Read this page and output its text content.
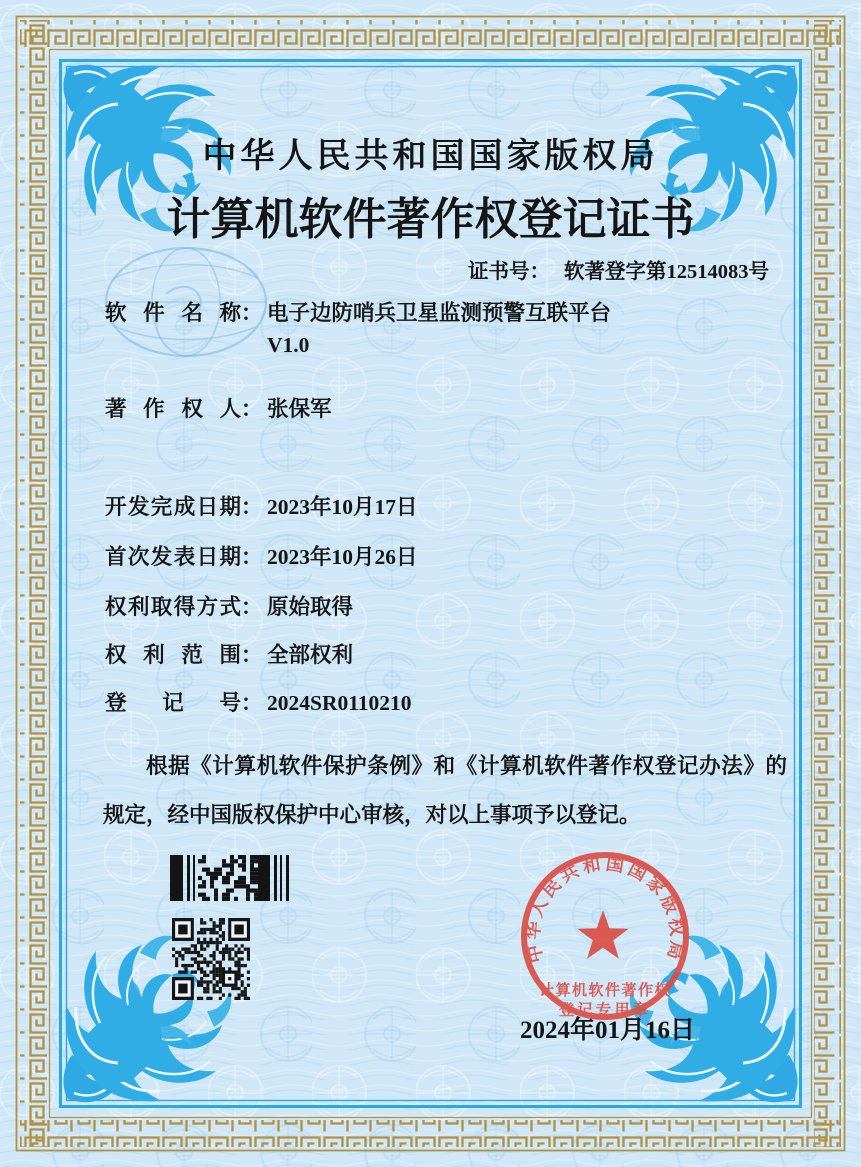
中华人民共和国国家版权局
计算机软件著作权登记证书
证书号： 软著登字第12514083号
软件名称： 电子边防哨兵卫星监测预警互联平台
V1.0
著作权人： 张保军
开发完成日期： 2023年10月17日
首次发表日期： 2023年10月26日
权利取得方式： 原始取得
权利范围： 全部权利
登记号： 2024SR0110210
根据《计算机软件保护条例》和《计算机软件著作权登记办法》的规定，经中国版权保护中心审核，对以上事项予以登记。
中华人民共和国国家版权局
计算机软件著作权
登记专用章
2024年01月16日
